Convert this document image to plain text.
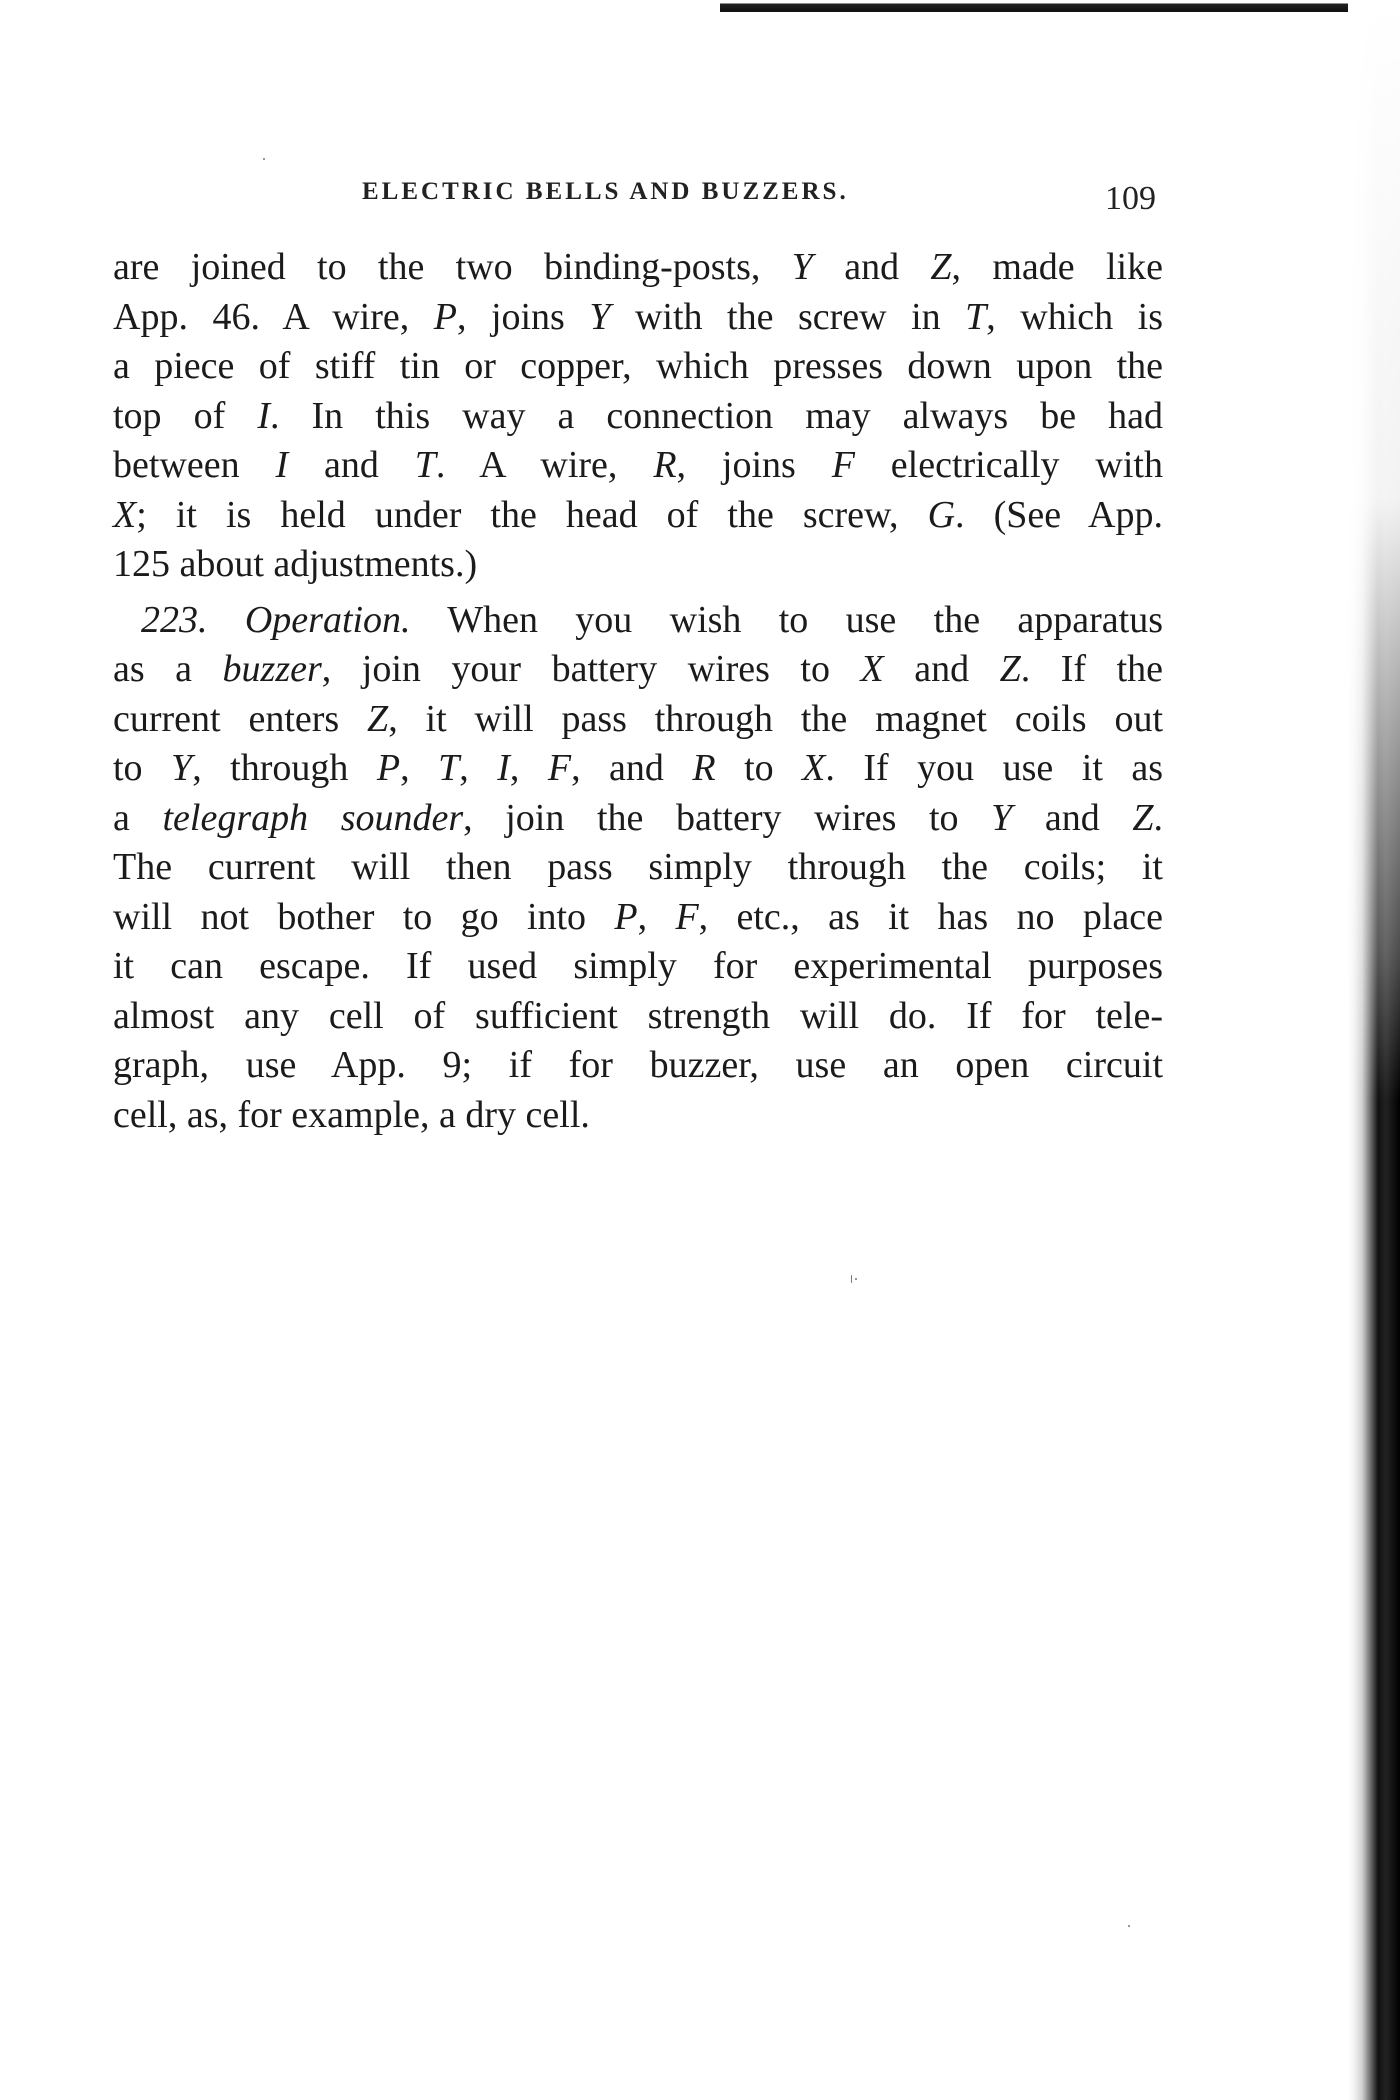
ELECTRIC BELLS AND BUZZERS.	109
are joined to the two binding-posts, Y and Z, made like
App. 46. A wire, P, joins Y with the screw in T, which is
a piece of stiff tin or copper, which presses down upon the
top of I. In this way a connection may always be had
between I and T. A wire, R, joins F electrically with
X; it is held under the head of the screw, G. (See App.
125 about adjustments.)
223. Operation. When you wish to use the apparatus
as a buzzer, join your battery wires to X and Z. If the
current enters Z, it will pass through the magnet coils out
to Y, through P, T, I, F, and R to X. If you use it as
a telegraph sounder, join the battery wires to Y and Z.
The current will then pass simply through the coils; it
will not bother to go into P, F, etc., as it has no place
it can escape. If used simply for experimental purposes
almost any cell of sufficient strength will do. If for tele-
graph, use App. 9; if for buzzer, use an open circuit
cell, as, for example, a dry cell.
